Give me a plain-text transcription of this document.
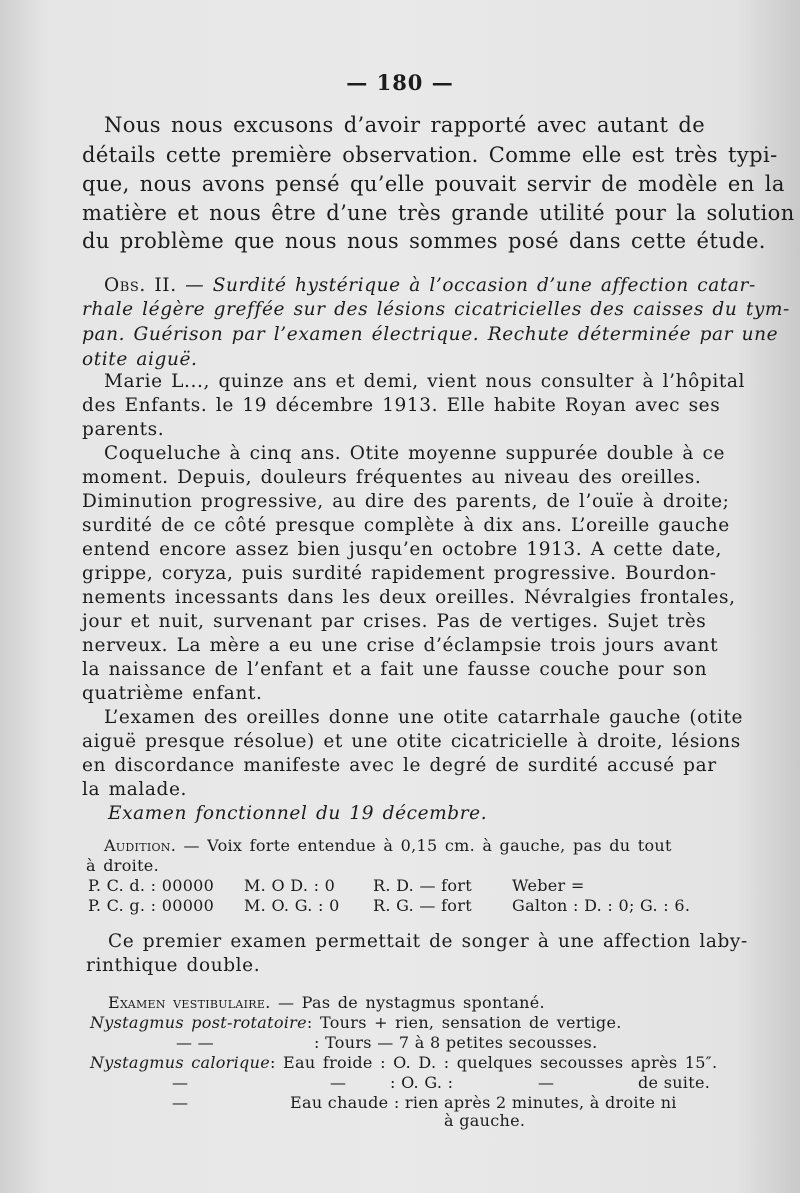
— 180 —
Nous nous excusons d’avoir rapporté avec autant de
détails cette première observation. Comme elle est très typi-
que, nous avons pensé qu’elle pouvait servir de modèle en la
matière et nous être d’une très grande utilité pour la solution
du problème que nous nous sommes posé dans cette étude.
Obs. II. — Surdité hystérique à l’occasion d’une affection catar-
rhale légère greffée sur des lésions cicatricielles des caisses du tym-
pan. Guérison par l’examen électrique. Rechute déterminée par une
otite aiguë.
Marie L..., quinze ans et demi, vient nous consulter à l’hôpital
des Enfants. le 19 décembre 1913. Elle habite Royan avec ses
parents.
Coqueluche à cinq ans. Otite moyenne suppurée double à ce
moment. Depuis, douleurs fréquentes au niveau des oreilles.
Diminution progressive, au dire des parents, de l’ouïe à droite;
surdité de ce côté presque complète à dix ans. L’oreille gauche
entend encore assez bien jusqu’en octobre 1913. A cette date,
grippe, coryza, puis surdité rapidement progressive. Bourdon-
nements incessants dans les deux oreilles. Névralgies frontales,
jour et nuit, survenant par crises. Pas de vertiges. Sujet très
nerveux. La mère a eu une crise d’éclampsie trois jours avant
la naissance de l’enfant et a fait une fausse couche pour son
quatrième enfant.
L’examen des oreilles donne une otite catarrhale gauche (otite
aiguë presque résolue) et une otite cicatricielle à droite, lésions
en discordance manifeste avec le degré de surdité accusé par
la malade.
Examen fonctionnel du 19 décembre.
Audition. — Voix forte entendue à 0,15 cm. à gauche, pas du tout
à droite.
P. C. d. : 00000 M. O D. : 0 R. D. — fort	Weber =
P. C. g. : 00000 M. O. G. : 0 R. G. — fort	Galton : D. : 0; G. : 6.
Ce premier examen permettait de songer à une affection laby-
rinthique double.
Examen vestibulaire. — Pas de nystagmus spontané.
Nystagmus post-rotatoire: Tours + rien, sensation de vertige.
— —	: Tours — 7 à 8 petites secousses.
Nystagmus calorique: Eau froide : O. D. : quelques secousses après 15″.
—	—	: O. G. :	—	de suite.
—	Eau chaude : rien après 2 minutes, à droite ni
à gauche.
